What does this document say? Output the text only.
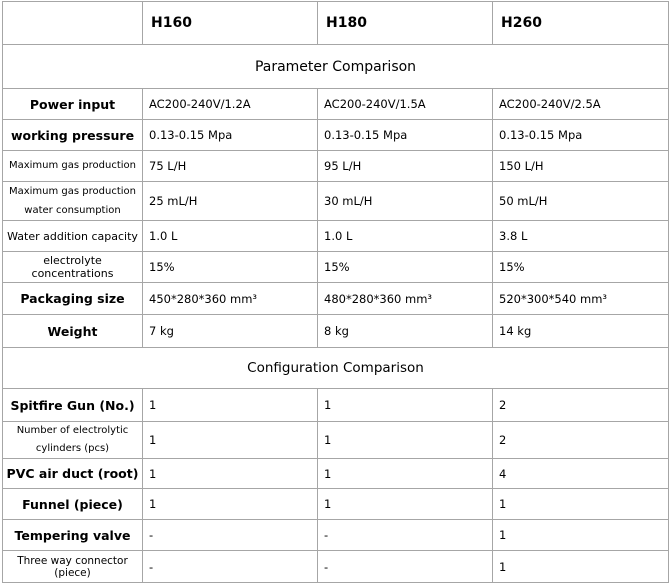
	H160	H180	H260
Parameter Comparison			
Power input	AC200-240V/1.2A	AC200-240V/1.5A	AC200-240V/2.5A
working pressure	0.13-0.15 Mpa	0.13-0.15 Mpa	0.13-0.15 Mpa
Maximum gas production	75 L/H	95 L/H	150 L/H
Maximum gas production water consumption	25 mL/H	30 mL/H	50 mL/H
Water addition capacity	1.0 L	1.0 L	3.8 L
electrolyte concentrations	15%	15%	15%
Packaging size	450*280*360 mm³	480*280*360 mm³	520*300*540 mm³
Weight	7 kg	8 kg	14 kg
Configuration Comparison			
Spitfire Gun (No.)	1	1	2
Number of electrolytic cylinders (pcs)	1	1	2
PVC air duct (root)	1	1	4
Funnel (piece)	1	1	1
Tempering valve	-	-	1
Three way connector (piece)	-	-	1
